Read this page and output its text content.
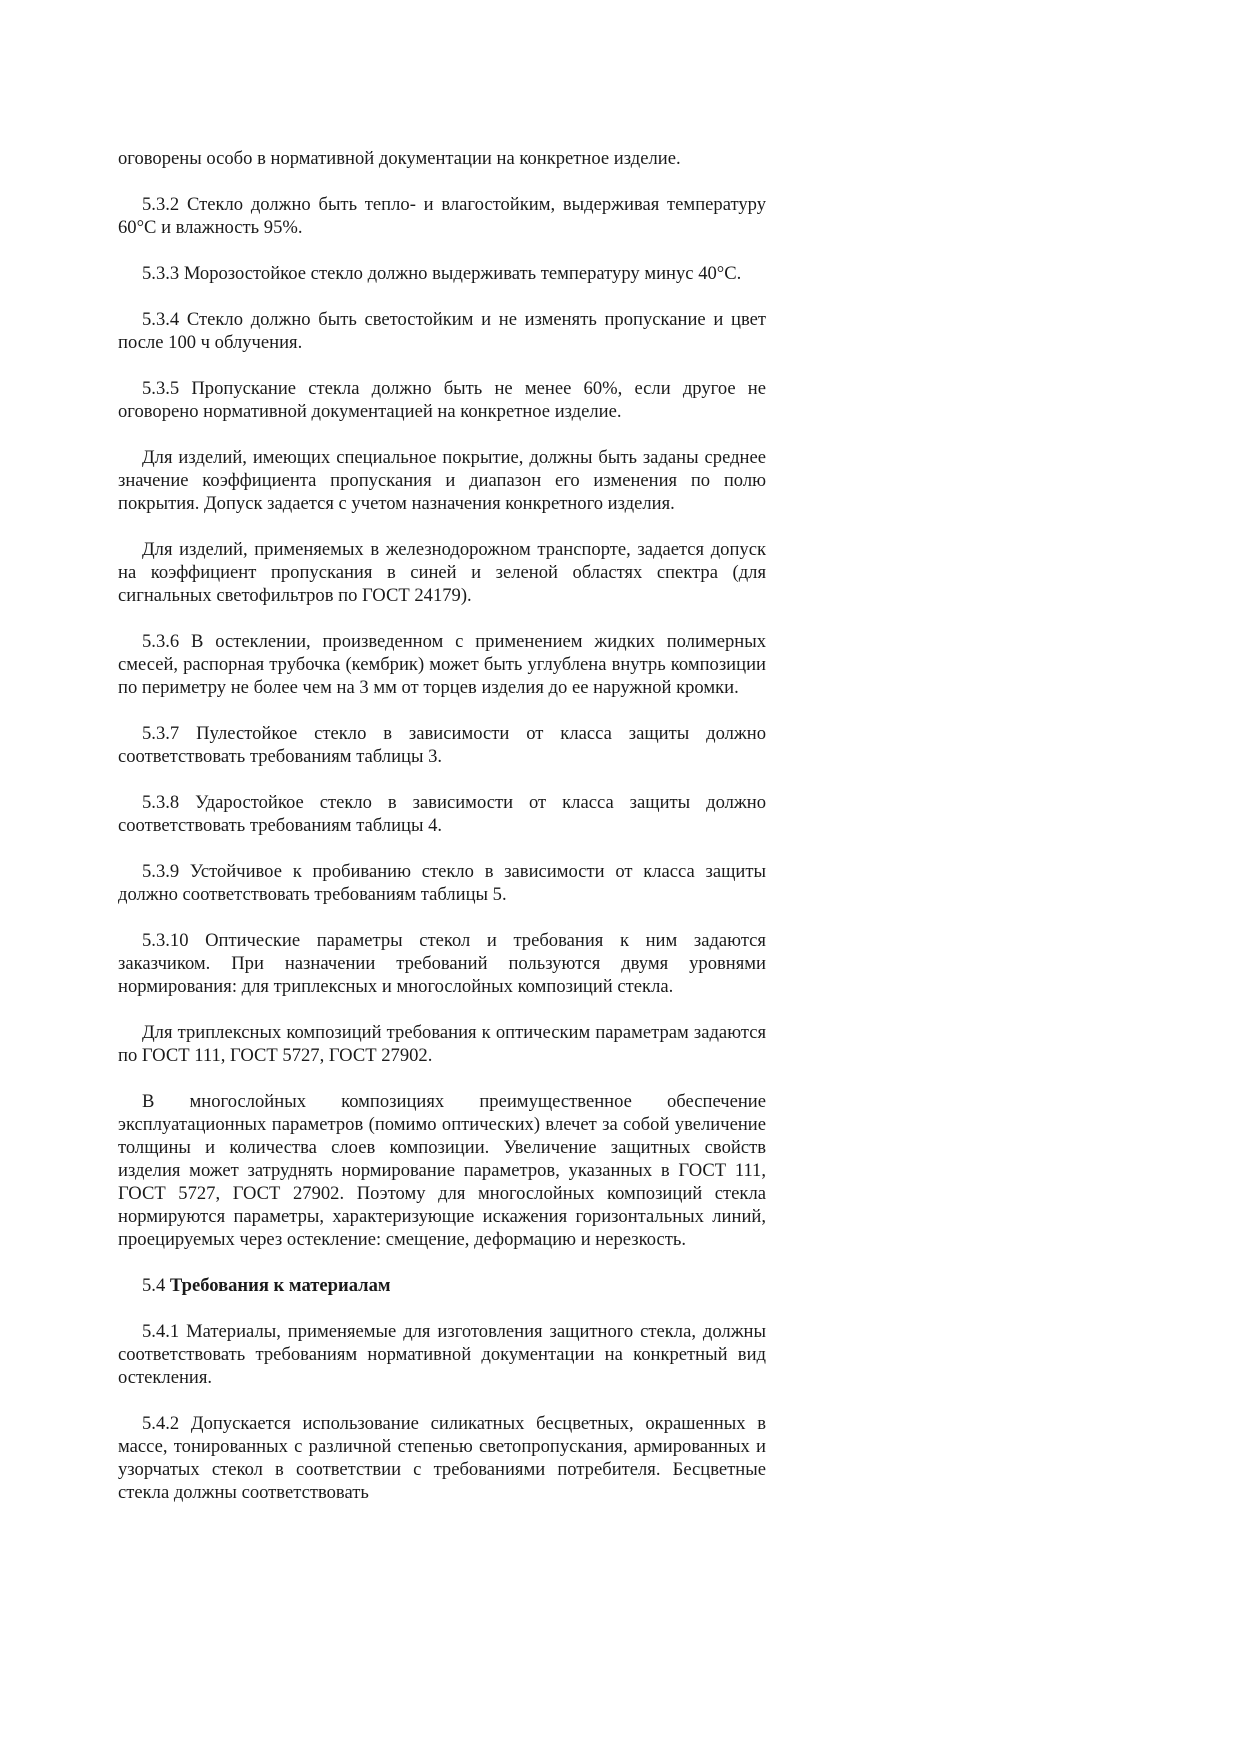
оговорены особо в нормативной документации на конкретное изделие.

5.3.2 Стекло должно быть тепло- и влагостойким, выдерживая температуру 60°С и влажность 95%.

5.3.3 Морозостойкое стекло должно выдерживать температуру минус 40°С.

5.3.4 Стекло должно быть светостойким и не изменять пропускание и цвет после 100 ч облучения.

5.3.5 Пропускание стекла должно быть не менее 60%, если другое не оговорено нормативной документацией на конкретное изделие.

Для изделий, имеющих специальное покрытие, должны быть заданы среднее значение коэффициента пропускания и диапазон его изменения по полю покрытия. Допуск задается с учетом назначения конкретного изделия.

Для изделий, применяемых в железнодорожном транспорте, задается допуск на коэффициент пропускания в синей и зеленой областях спектра (для сигнальных светофильтров по ГОСТ 24179).

5.3.6 В остеклении, произведенном с применением жидких полимерных смесей, распорная трубочка (кембрик) может быть углублена внутрь композиции по периметру не более чем на 3 мм от торцев изделия до ее наружной кромки.

5.3.7 Пулестойкое стекло в зависимости от класса защиты должно соответствовать требованиям таблицы 3.

5.3.8 Ударостойкое стекло в зависимости от класса защиты должно соответствовать требованиям таблицы 4.

5.3.9 Устойчивое к пробиванию стекло в зависимости от класса защиты должно соответствовать требованиям таблицы 5.

5.3.10 Оптические параметры стекол и требования к ним задаются заказчиком. При назначении требований пользуются двумя уровнями нормирования: для триплексных и многослойных композиций стекла.

Для триплексных композиций требования к оптическим параметрам задаются по ГОСТ 111, ГОСТ 5727, ГОСТ 27902.

В многослойных композициях преимущественное обеспечение эксплуатационных параметров (помимо оптических) влечет за собой увеличение толщины и количества слоев композиции. Увеличение защитных свойств изделия может затруднять нормирование параметров, указанных в ГОСТ 111, ГОСТ 5727, ГОСТ 27902. Поэтому для многослойных композиций стекла нормируются параметры, характеризующие искажения горизонтальных линий, проецируемых через остекление: смещение, деформацию и нерезкость.

5.4 Требования к материалам

5.4.1 Материалы, применяемые для изготовления защитного стекла, должны соответствовать требованиям нормативной документации на конкретный вид остекления.

5.4.2 Допускается использование силикатных бесцветных, окрашенных в массе, тонированных с различной степенью светопропускания, армированных и узорчатых стекол в соответствии с требованиями потребителя. Бесцветные стекла должны соответствовать
